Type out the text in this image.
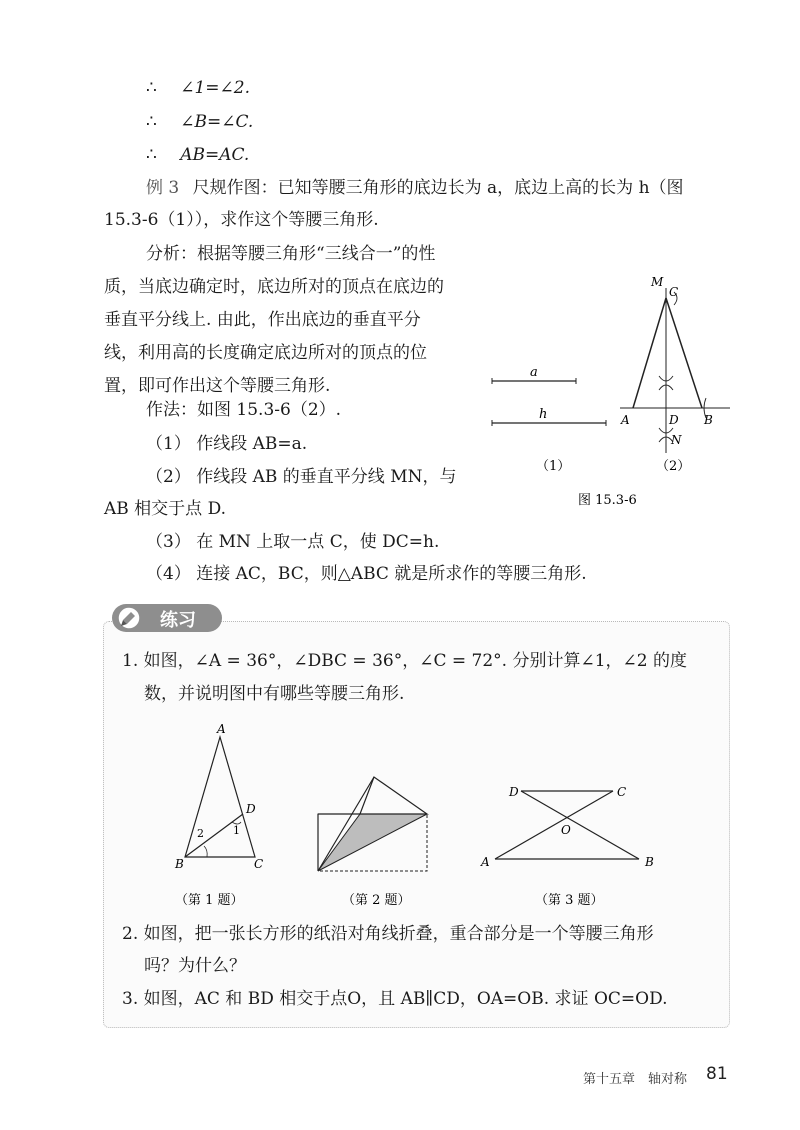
∴ ∠1=∠2.
∴ ∠B=∠C.
∴ AB=AC.
例 3 尺规作图：已知等腰三角形的底边长为 a，底边上高的长为 h（图
15.3-6（1）），求作这个等腰三角形.
分析：根据等腰三角形“三线合一”的性
质，当底边确定时，底边所对的顶点在底边的
垂直平分线上. 由此，作出底边的垂直平分
线，利用高的长度确定底边所对的顶点的位
置，即可作出这个等腰三角形.
作法：如图 15.3-6（2）.
（1） 作线段 AB=a.
（2） 作线段 AB 的垂直平分线 MN，与
AB 相交于点 D.
（3） 在 MN 上取一点 C，使 DC=h.
（4） 连接 AC，BC，则△ABC 就是所求作的等腰三角形.
a
h
M
C
A	D B
N
（1）	（2）
图 15.3-6
练习
1. 如图，∠A = 36°，∠DBC = 36°，∠C = 72°. 分别计算∠1，∠2 的度
数，并说明图中有哪些等腰三角形.
A
B	C
D
1
2
（第 1 题）	（第 2 题）
D	C
O
A	B
（第 3 题）
2. 如图，把一张长方形的纸沿对角线折叠，重合部分是一个等腰三角形
吗？为什么？
3. 如图，AC 和 BD 相交于点O，且 AB∥CD，OA=OB. 求证 OC=OD.
第十五章　轴对称 81
